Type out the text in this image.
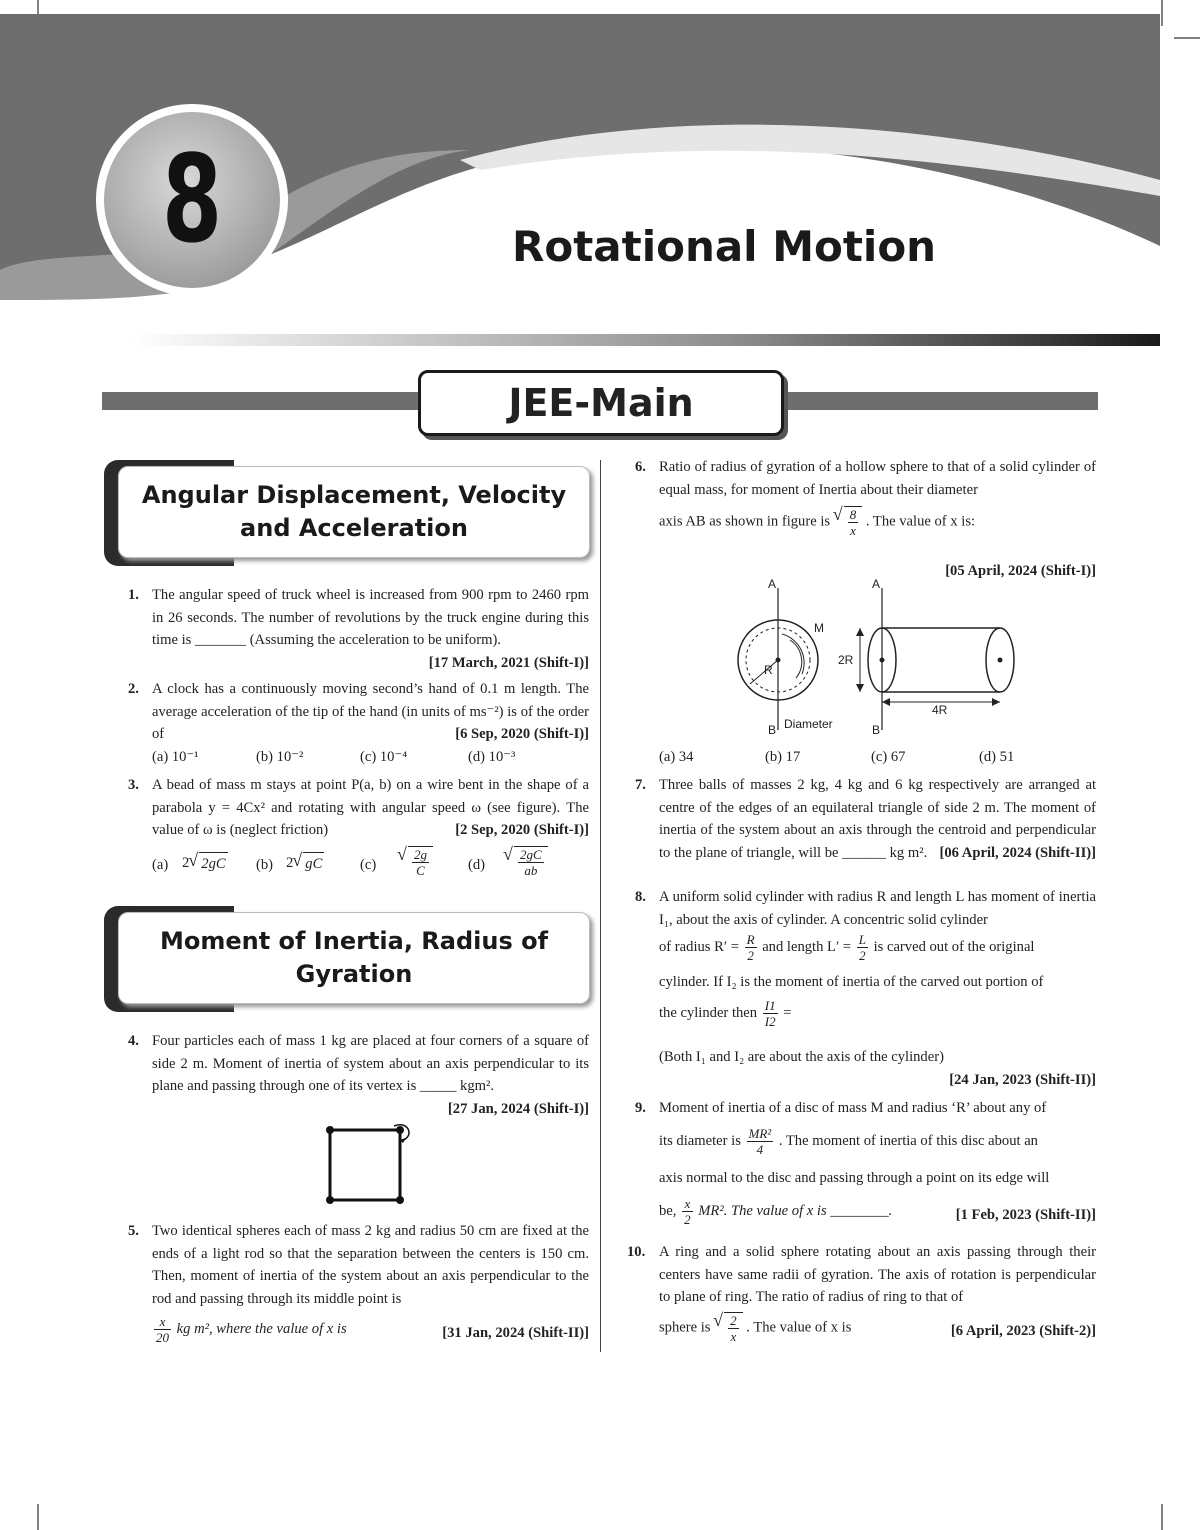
8	Rotational Motion
JEE-Main
Angular Displacement, Velocity and Acceleration
1. The angular speed of truck wheel is increased from 900 rpm to 2460 rpm in 26 seconds. The number of revolutions by the truck engine during this time is _______ (Assuming the acceleration to be uniform).
[17 March, 2021 (Shift-I)]
2. A clock has a continuously moving second’s hand of 0.1 m length. The average acceleration of the tip of the hand (in units of ms⁻²) is of the order of	[6 Sep, 2020 (Shift-I)]
(a) 10⁻¹	(b) 10⁻²	(c) 10⁻⁴	(d) 10⁻³
3. A bead of mass m stays at point P(a, b) on a wire bent in the shape of a parabola y = 4Cx² and rotating with angular speed ω (see figure). The value of ω is (neglect friction)	[2 Sep, 2020 (Shift-I)]
(a) 2 √ 2gC (b) 2 √ gC	(c)	√ $\frac{2g}{C}$	(d)	√ $\frac{2gC}{ab}$
Moment of Inertia, Radius of Gyration
4. Four particles each of mass 1 kg are placed at four corners of a square of side 2 m. Moment of inertia of system about an axis perpendicular to its plane and passing through one of its vertex is _____ kgm².
[27 Jan, 2024 (Shift-I)]
5. Two identical spheres each of mass 2 kg and radius 50 cm are fixed at the ends of a light rod so that the separation between the centers is 150 cm. Then, moment of inertia of the system about an axis perpendicular to the rod and passing through its middle point is
$\frac{x}{20}$ kg m², where the value of x is	[31 Jan, 2024 (Shift-II)]
6. Ratio of radius of gyration of a hollow sphere to that of a solid cylinder of equal mass, for moment of Inertia about their diameter
axis AB as shown in figure is √ $\frac{8}{x}$ . The value of x is:
[05 April, 2024 (Shift-I)]
A
B
R
M
Diameter
A
B
2R
4R
(a) 34	(b) 17	(c) 67	(d) 51
7. Three balls of masses 2 kg, 4 kg and 6 kg respectively are arranged at centre of the edges of an equilateral triangle of side 2 m. The moment of inertia of the system about an axis through the centroid and perpendicular to the plane of triangle, will be ______ kg m². [06 April, 2024 (Shift-II)]
8. A uniform solid cylinder with radius R and length L has moment of inertia I₁, about the axis of cylinder. A concentric solid cylinder
of radius $R' = \frac{R}{2}$ and length $L' = \frac{L}{2}$ is carved out of the original
cylinder. If I₂ is the moment of inertia of the carved out portion of
the cylinder then $\frac{I1}{I2}$ =
(Both I₁ and I₂ are about the axis of the cylinder)

[24 Jan, 2023 (Shift-II)]
9. Moment of inertia of a disc of mass M and radius ‘R’ about any of
its diameter is $\frac{\text{MR²}}{4}$ . The moment of inertia of this disc about an
axis normal to the disc and passing through a point on its edge will
be, $\frac{x}{2} MR^2$. The value of x is ________.	[1 Feb, 2023 (Shift-II)]
10. A ring and a solid sphere rotating about an axis passing through their centers have same radii of gyration. The axis of rotation is perpendicular to plane of ring. The ratio of radius of ring to that of
sphere is √ $\frac{2}{x}$ . The value of x is	[6 April, 2023 (Shift-2)]
